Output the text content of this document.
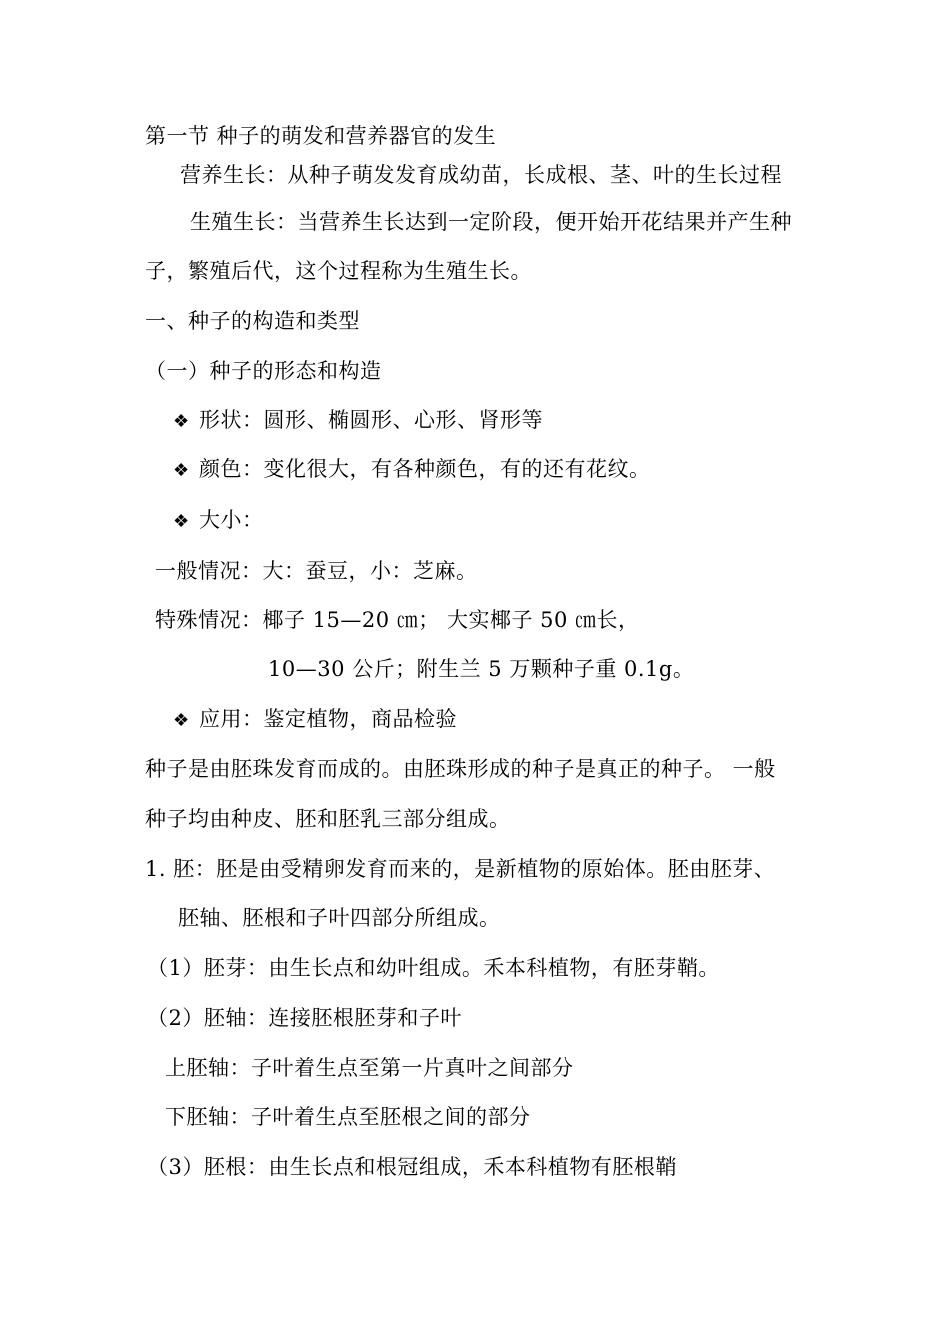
第一节 种子的萌发和营养器官的发生
营养生长：从种子萌发发育成幼苗，长成根、茎、叶的生长过程
生殖生长：当营养生长达到一定阶段，便开始开花结果并产生种
子，繁殖后代，这个过程称为生殖生长。
一、种子的构造和类型
（一）种子的形态和构造
❖ 形状：圆形、椭圆形、心形、肾形等
❖ 颜色：变化很大，有各种颜色，有的还有花纹。
❖ 大小：
一般情况：大：蚕豆，小：芝麻。
特殊情况：椰子 15—20 ㎝； 大实椰子 50 ㎝长，
10—30 公斤；附生兰 5 万颗种子重 0.1g。
❖ 应用：鉴定植物，商品检验
种子是由胚珠发育而成的。由胚珠形成的种子是真正的种子。 一般
种子均由种皮、胚和胚乳三部分组成。
1. 胚：胚是由受精卵发育而来的，是新植物的原始体。胚由胚芽、
胚轴、胚根和子叶四部分所组成。
（1）胚芽：由生长点和幼叶组成。禾本科植物，有胚芽鞘。
（2）胚轴：连接胚根胚芽和子叶
上胚轴：子叶着生点至第一片真叶之间部分
下胚轴：子叶着生点至胚根之间的部分
（3）胚根：由生长点和根冠组成，禾本科植物有胚根鞘
